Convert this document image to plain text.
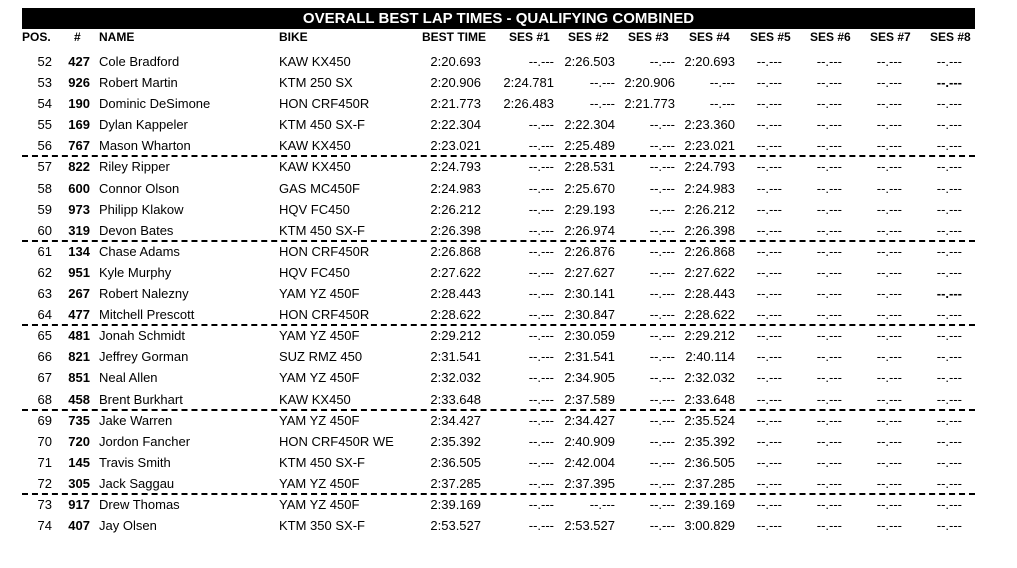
OVERALL BEST LAP TIMES - QUALIFYING COMBINED
POS. # NAME	BIKE	BEST TIME SES #1 SES #2 SES #3 SES #4 SES #5 SES #6 SES #7 SES #8
52	427 Cole Bradford	KAW KX450	2:20.693	--.--- 2:26.503	--.--- 2:20.693	--.---	--.---	--.---	--.---
53	926 Robert Martin	KTM 250 SX	2:20.906 2:24.781	--.--- 2:20.906	--.---	--.---	--.---	--.---	--.---
54	190 Dominic DeSimone	HON CRF450R	2:21.773 2:26.483	--.--- 2:21.773	--.---	--.---	--.---	--.---	--.---
55	169 Dylan Kappeler	KTM 450 SX-F	2:22.304	--.--- 2:22.304	--.--- 2:23.360	--.---	--.---	--.---	--.---
56	767 Mason Wharton	KAW KX450	2:23.021	--.--- 2:25.489	--.--- 2:23.021	--.---	--.---	--.---	--.---
57	822 Riley Ripper	KAW KX450	2:24.793	--.--- 2:28.531	--.--- 2:24.793	--.---	--.---	--.---	--.---
58	600 Connor Olson	GAS MC450F	2:24.983	--.--- 2:25.670	--.--- 2:24.983	--.---	--.---	--.---	--.---
59	973 Philipp Klakow	HQV FC450	2:26.212	--.--- 2:29.193	--.--- 2:26.212	--.---	--.---	--.---	--.---
60	319 Devon Bates	KTM 450 SX-F	2:26.398	--.--- 2:26.974	--.--- 2:26.398	--.---	--.---	--.---	--.---
61	134 Chase Adams	HON CRF450R	2:26.868	--.--- 2:26.876	--.--- 2:26.868	--.---	--.---	--.---	--.---
62	951 Kyle Murphy	HQV FC450	2:27.622	--.--- 2:27.627	--.--- 2:27.622	--.---	--.---	--.---	--.---
63	267 Robert Nalezny	YAM YZ 450F	2:28.443	--.--- 2:30.141	--.--- 2:28.443	--.---	--.---	--.---	--.---
64	477 Mitchell Prescott	HON CRF450R	2:28.622	--.--- 2:30.847	--.--- 2:28.622	--.---	--.---	--.---	--.---
65	481 Jonah Schmidt	YAM YZ 450F	2:29.212	--.--- 2:30.059	--.--- 2:29.212	--.---	--.---	--.---	--.---
66	821 Jeffrey Gorman	SUZ RMZ 450	2:31.541	--.--- 2:31.541	--.--- 2:40.114	--.---	--.---	--.---	--.---
67	851 Neal Allen	YAM YZ 450F	2:32.032	--.--- 2:34.905	--.--- 2:32.032	--.---	--.---	--.---	--.---
68	458 Brent Burkhart	KAW KX450	2:33.648	--.--- 2:37.589	--.--- 2:33.648	--.---	--.---	--.---	--.---
69	735 Jake Warren	YAM YZ 450F	2:34.427	--.--- 2:34.427	--.--- 2:35.524	--.---	--.---	--.---	--.---
70	720 Jordon Fancher	HON CRF450R WE	2:35.392	--.--- 2:40.909	--.--- 2:35.392	--.---	--.---	--.---	--.---
71	145 Travis Smith	KTM 450 SX-F	2:36.505	--.--- 2:42.004	--.--- 2:36.505	--.---	--.---	--.---	--.---
72	305 Jack Saggau	YAM YZ 450F	2:37.285	--.--- 2:37.395	--.--- 2:37.285	--.---	--.---	--.---	--.---
73	917 Drew Thomas	YAM YZ 450F	2:39.169	--.---	--.---	--.--- 2:39.169	--.---	--.---	--.---	--.---
74	407 Jay Olsen	KTM 350 SX-F	2:53.527	--.--- 2:53.527	--.--- 3:00.829	--.---	--.---	--.---	--.---
